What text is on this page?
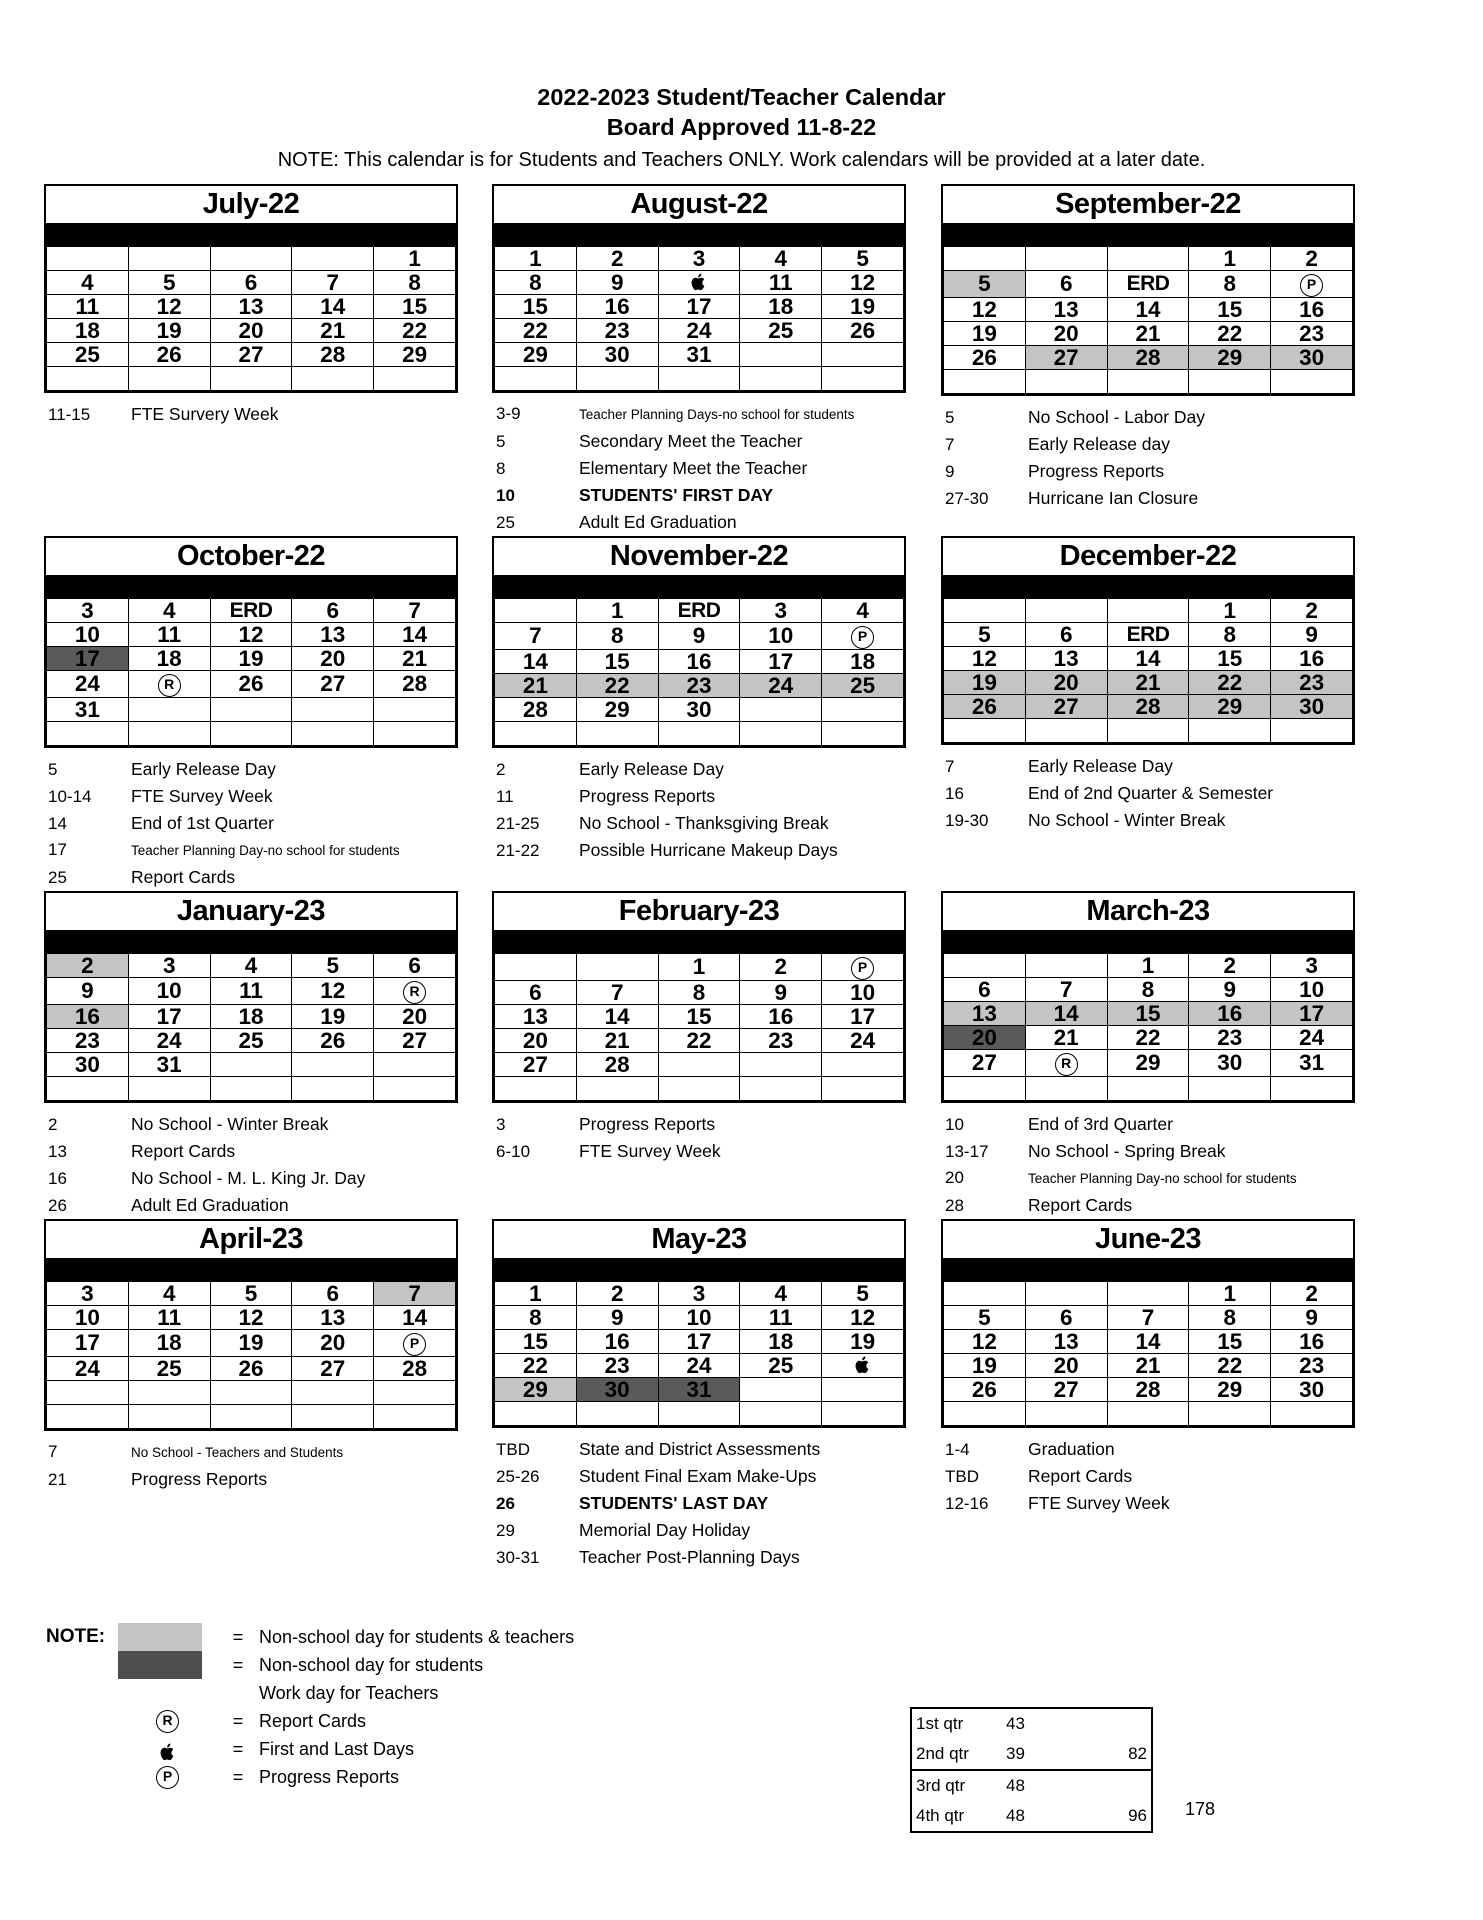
2022-2023 Student/Teacher Calendar
Board Approved 11-8-22
NOTE: This calendar is for Students and Teachers ONLY. Work calendars will be provided at a later date.
July-22
				1
4	5	6	7	8
11	12	13	14	15
18	19	20	21	22
25	26	27	28	29

11-15	FTE Survery Week
August-22
1	2	3	4	5
8	9		11	12
15	16	17	18	19
22	23	24	25	26
29	30	31		

3-9	Teacher Planning Days-no school for students
5	Secondary Meet the Teacher
8	Elementary Meet the Teacher
10	STUDENTS' FIRST DAY
25	Adult Ed Graduation
September-22
			1	2
5	6	ERD	8	P
12	13	14	15	16
19	20	21	22	23
26	27	28	29	30

5	No School - Labor Day
7	Early Release day
9	Progress Reports
27-30	Hurricane Ian Closure
October-22
3	4	ERD	6	7
10	11	12	13	14
17	18	19	20	21
24	R	26	27	28
31				

5	Early Release Day
10-14	FTE Survey Week
14	End of 1st Quarter
17	Teacher Planning Day-no school for students
25	Report Cards
November-22
	1	ERD	3	4
7	8	9	10	P
14	15	16	17	18
21	22	23	24	25
28	29	30		

2	Early Release Day
11	Progress Reports
21-25	No School - Thanksgiving Break
21-22	Possible Hurricane Makeup Days
December-22
			1	2
5	6	ERD	8	9
12	13	14	15	16
19	20	21	22	23
26	27	28	29	30

7	Early Release Day
16	End of 2nd Quarter & Semester
19-30	No School - Winter Break
January-23
2	3	4	5	6
9	10	11	12	R
16	17	18	19	20
23	24	25	26	27
30	31			

2	No School - Winter Break
13	Report Cards
16	No School - M. L. King Jr. Day
26	Adult Ed Graduation
February-23
		1	2	P
6	7	8	9	10
13	14	15	16	17
20	21	22	23	24
27	28			

3	Progress Reports
6-10	FTE Survey Week
March-23
		1	2	3
6	7	8	9	10
13	14	15	16	17
20	21	22	23	24
27	R	29	30	31

10	End of 3rd Quarter
13-17	No School - Spring Break
20	Teacher Planning Day-no school for students
28	Report Cards
April-23
3	4	5	6	7
10	11	12	13	14
17	18	19	20	P
24	25	26	27	28

7	No School - Teachers and Students
21	Progress Reports
May-23
1	2	3	4	5
8	9	10	11	12
15	16	17	18	19
22	23	24	25	
29	30	31		

TBD	State and District Assessments
25-26	Student Final Exam Make-Ups
26	STUDENTS' LAST DAY
29	Memorial Day Holiday
30-31	Teacher Post-Planning Days
June-23
			1	2
5	6	7	8	9
12	13	14	15	16
19	20	21	22	23
26	27	28	29	30

1-4	Graduation
TBD	Report Cards
12-16	FTE Survey Week
NOTE:	= Non-school day for students & teachers
= Non-school day for students
Work day for Teachers
R	= Report Cards
= First and Last Days
P	= Progress Reports
1st qtr	43	
2nd qtr	39	82
3rd qtr	48	
4th qtr	48	96 178
